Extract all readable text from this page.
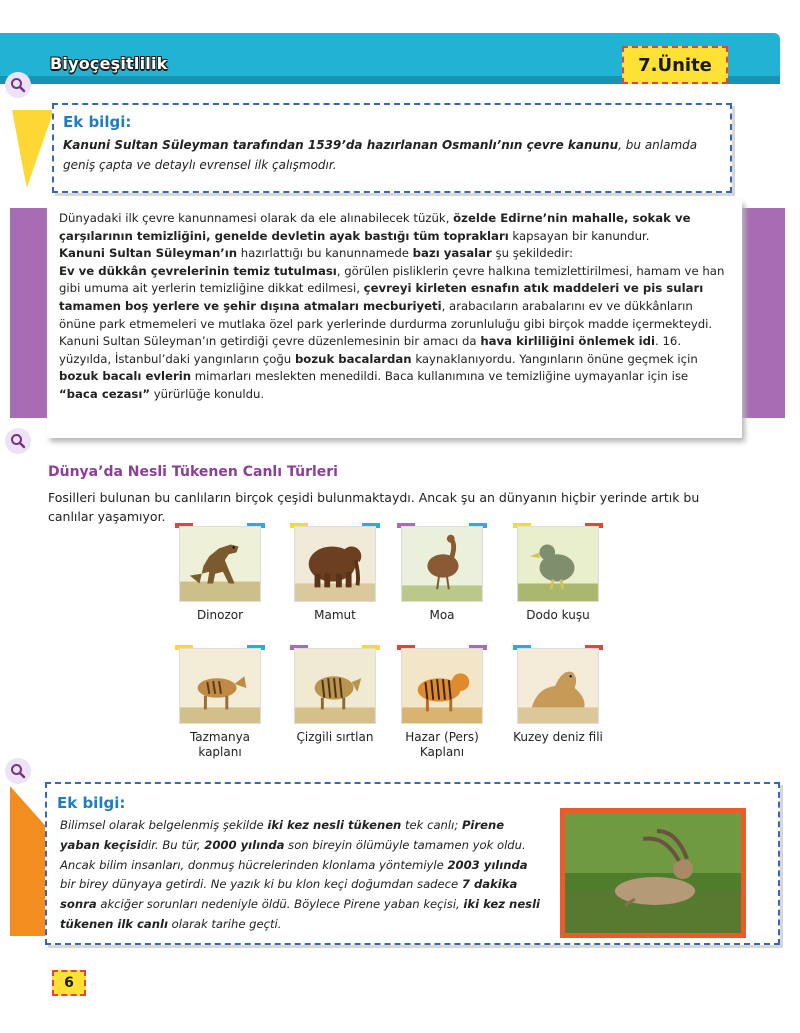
Biyoçeşitlilik	7.Ünite
Ek bilgi:
Kanuni Sultan Süleyman tarafından 1539’da hazırlanan Osmanlı’nın çevre kanunu, bu anlamda geniş çapta ve detaylı evrensel ilk çalışmodır.

Dünyadaki ilk çevre kanunnamesi olarak da ele alınabilecek tüzük, özelde Edirne’nin mahalle, sokak ve çarşılarının temizliğini, genelde devletin ayak bastığı tüm toprakları kapsayan bir kanundur.

Kanuni Sultan Süleyman’ın hazırlattığı bu kanunnamede bazı yasalar şu şekildedir:

Ev ve dükkân çevrelerinin temiz tutulması, görülen pisliklerin çevre halkına temizlettirilmesi, hamam ve han gibi umuma ait yerlerin temizliğine dikkat edilmesi, çevreyi kirleten esnafın atık maddeleri ve pis suları tamamen boş yerlere ve şehir dışına atmaları mecburiyeti, arabacıların arabalarını ev ve dükkânların önüne park etmemeleri ve mutlaka özel park yerlerinde durdurma zorunluluğu gibi birçok madde içermekteydi.

Kanuni Sultan Süleyman’ın getirdiği çevre düzenlemesinin bir amacı da hava kirliliğini önlemek idi. 16. yüzyılda, İstanbul’daki yangınların çoğu bozuk bacalardan kaynaklanıyordu. Yangınların önüne geçmek için bozuk bacalı evlerin mimarları meslekten menedildi. Baca kullanımına ve temizliğine uymayanlar için ise “baca cezası” yürürlüğe konuldu.

Dünya’da Nesli Tükenen Canlı Türleri
Fosilleri bulunan bu canlıların birçok çeşidi bulunmaktaydı. Ancak şu an dünyanın hiçbir yerinde artık bu canlılar yaşamıyor.
Dinozor	Mamut	Moa	Dodo kuşu
Tazmanya kaplanı
Çizgili sırtlan	Hazar (Pers) Kaplanı
Kuzey deniz fili
Ek bilgi:
Bilimsel olarak belgelenmiş şekilde iki kez nesli tükenen tek canlı; Pirene yaban keçisidir. Bu tür, 2000 yılında son bireyin ölümüyle tamamen yok oldu. Ancak bilim insanları, donmuş hücrelerinden klonlama yöntemiyle 2003 yılında bir birey dünyaya getirdi. Ne yazık ki bu klon keçi doğumdan sadece 7 dakika sonra akciğer sorunları nedeniyle öldü. Böylece Pirene yaban keçisi, iki kez nesli tükenen ilk canlı olarak tarihe geçti.
6
